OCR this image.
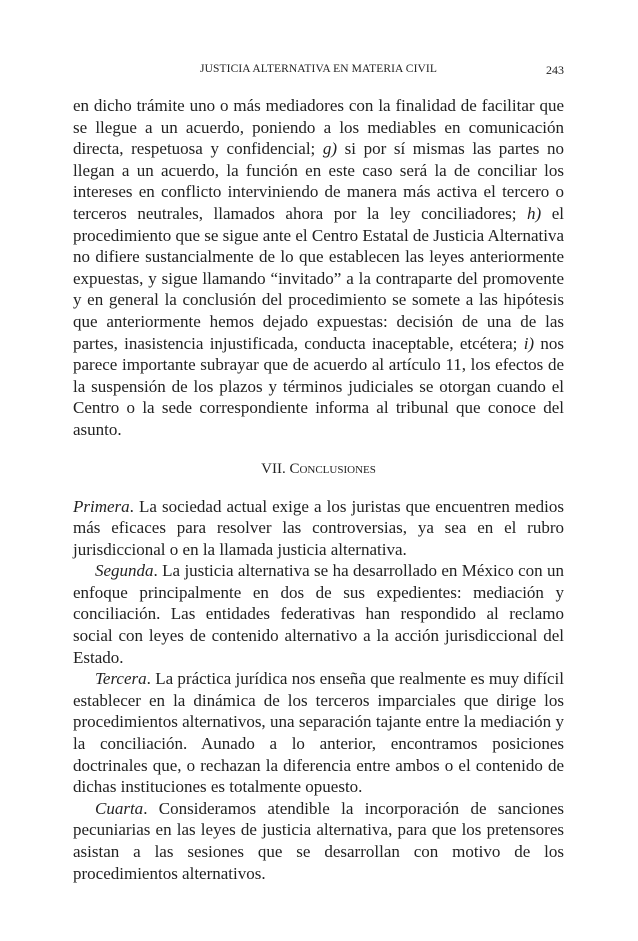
JUSTICIA ALTERNATIVA EN MATERIA CIVIL	243

en dicho trámite uno o más mediadores con la finalidad de facilitar que se llegue a un acuerdo, poniendo a los mediables en comunicación directa, respetuosa y confidencial; g) si por sí mismas las partes no llegan a un acuerdo, la función en este caso será la de conciliar los intereses en conflicto interviniendo de manera más activa el tercero o terceros neutrales, llamados ahora por la ley conciliadores; h) el procedimiento que se sigue ante el Centro Estatal de Justicia Alternativa no difiere sustancialmente de lo que establecen las leyes anteriormente expuestas, y sigue llamando “invitado” a la contraparte del promovente y en general la conclusión del procedimiento se somete a las hipótesis que anteriormente hemos dejado expuestas: decisión de una de las partes, inasistencia injustificada, conducta inaceptable, etcétera; i) nos parece importante subrayar que de acuerdo al artículo 11, los efectos de la suspensión de los plazos y términos judiciales se otorgan cuando el Centro o la sede correspondiente informa al tribunal que conoce del asunto.

VII. Conclusiones

Primera. La sociedad actual exige a los juristas que encuentren medios más eficaces para resolver las controversias, ya sea en el rubro jurisdiccional o en la llamada justicia alternativa.

Segunda. La justicia alternativa se ha desarrollado en México con un enfoque principalmente en dos de sus expedientes: mediación y conciliación. Las entidades federativas han respondido al reclamo social con leyes de contenido alternativo a la acción jurisdiccional del Estado.

Tercera. La práctica jurídica nos enseña que realmente es muy difícil establecer en la dinámica de los terceros imparciales que dirige los procedimientos alternativos, una separación tajante entre la mediación y la conciliación. Aunado a lo anterior, encontramos posiciones doctrinales que, o rechazan la diferencia entre ambos o el contenido de dichas instituciones es totalmente opuesto.

Cuarta. Consideramos atendible la incorporación de sanciones pecuniarias en las leyes de justicia alternativa, para que los pretensores asistan a las sesiones que se desarrollan con motivo de los procedimientos alternativos.
